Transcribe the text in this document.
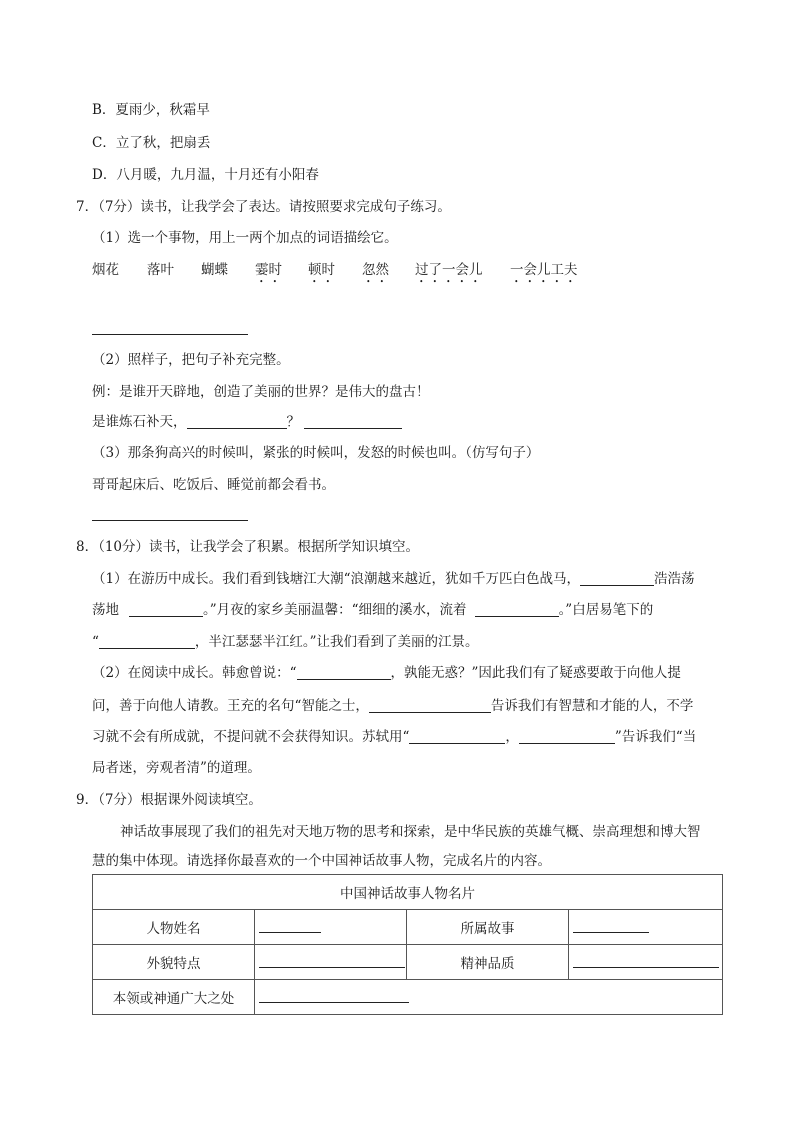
B．夏雨少，秋霜早
C．立了秋，把扇丢
D．八月暖，九月温，十月还有小阳春
7．（7分）读书，让我学会了表达。请按照要求完成句子练习。
（1）选一个事物，用上一两个加点的词语描绘它。
烟花 落叶 蝴蝶 霎时 顿时 忽然 过了一会儿 一会儿工夫
（2）照样子，把句子补充完整。
例：是谁开天辟地，创造了美丽的世界？是伟大的盘古！
是谁炼石补天，	？
（3）那条狗高兴的时候叫，紧张的时候叫，发怒的时候也叫。（仿写句子）
哥哥起床后、吃饭后、睡觉前都会看书。
8．（10分）读书，让我学会了积累。根据所学知识填空。
（1）在游历中成长。我们看到钱塘江大潮“浪潮越来越近，犹如千万匹白色战马，	浩浩荡
荡地	。”月夜的家乡美丽温馨：“细细的溪水，流着	。”白居易笔下的
“	，半江瑟瑟半江红。”让我们看到了美丽的江景。
（2）在阅读中成长。韩愈曾说：“	，孰能无惑？”因此我们有了疑惑要敢于向他人提
问，善于向他人请教。王充的名句“智能之士，	告诉我们有智慧和才能的人，不学
习就不会有所成就，不提问就不会获得知识。苏轼用“	，	”告诉我们“当
局者迷，旁观者清”的道理。
9．（7分）根据课外阅读填空。
神话故事展现了我们的祖先对天地万物的思考和探索，是中华民族的英雄气概、崇高理想和博大智
慧的集中体现。请选择你最喜欢的一个中国神话故事人物，完成名片的内容。
中国神话故事人物名片			
人物姓名		所属故事	
外貌特点		精神品质	
本领或神通广大之处			
